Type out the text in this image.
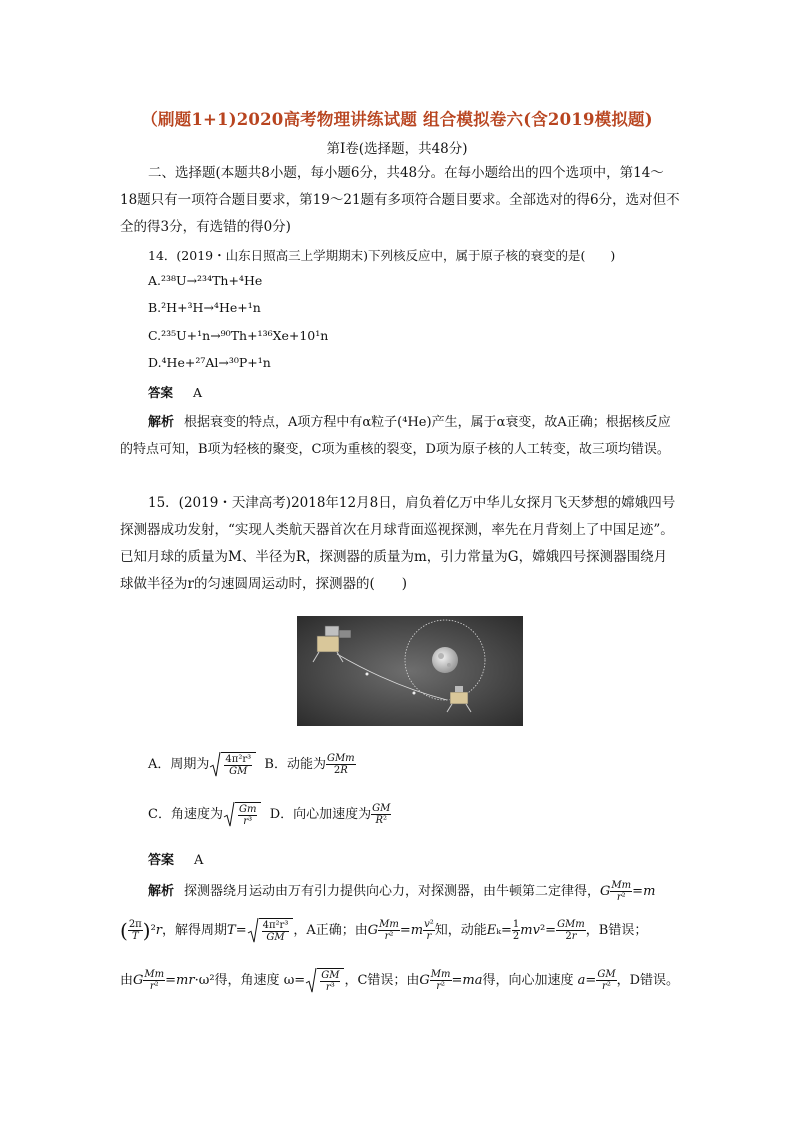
（刷题1+1)2020高考物理讲练试题 组合模拟卷六(含2019模拟题)
第Ⅰ卷(选择题，共48分)
二、选择题(本题共8小题，每小题6分，共48分。在每小题给出的四个选项中，第14～18题只有一项符合题目要求，第19～21题有多项符合题目要求。全部选对的得6分，选对但不全的得3分，有选错的得0分)
14．(2019・山东日照高三上学期期末)下列核反应中，属于原子核的衰变的是(　　)
A.²³⁸U→²³⁴Th+⁴He
B.²H+³H→⁴He+¹n
C.²³⁵U+¹n→⁹⁰Th+¹³⁶Xe+10¹n
D.⁴He+²⁷Al→³⁰P+¹n
答案 A
解析 根据衰变的特点，A项方程中有α粒子(⁴He)产生，属于α衰变，故A正确；根据核反应的特点可知，B项为轻核的聚变，C项为重核的裂变，D项为原子核的人工转变，故三项均错误。
15．(2019・天津高考)2018年12月8日，肩负着亿万中华儿女探月飞天梦想的嫦娥四号探测器成功发射，“实现人类航天器首次在月球背面巡视探测，率先在月背刻上了中国足迹”。已知月球的质量为M、半径为R，探测器的质量为m，引力常量为G，嫦娥四号探测器围绕月球做半径为r的匀速圆周运动时，探测器的(　　)
A．周期为 $\frac{\text{4π²r³}}{GM}$ B．动能为 $\frac{\text{GMm}}{2R}$
C．角速度为 $\frac{Gm}{\text{r³}}$ D．向心加速度为 $\frac{GM}{\text{R²}}$
答案 A
解析 探测器绕月运动由万有引力提供向心力，对探测器，由牛顿第二定律得，G $\frac{Mm}{\text{r²}} =m$
( $\frac{2\pi}{T} )^2r$，解得周期$T= \frac{\text{4π²r³}}{GM}$ ，A正确；由G $\frac{Mm}{\text{r²}} =m \frac{\text{v²}}{r}$ 知，动能$E_k= \frac{1}{2} mv^2= \frac{\text{GMm}}{2r}$ ，B错误；
由G $\frac{Mm}{\text{r²}} =mr\cdot\omega^2$得，角速度 $\omega= \frac{GM}{\text{r³}}$ ，C错误；由G $\frac{Mm}{\text{r²}} =ma$得，向心加速度 $a= \frac{GM}{\text{r²}}$ ，D错误。
